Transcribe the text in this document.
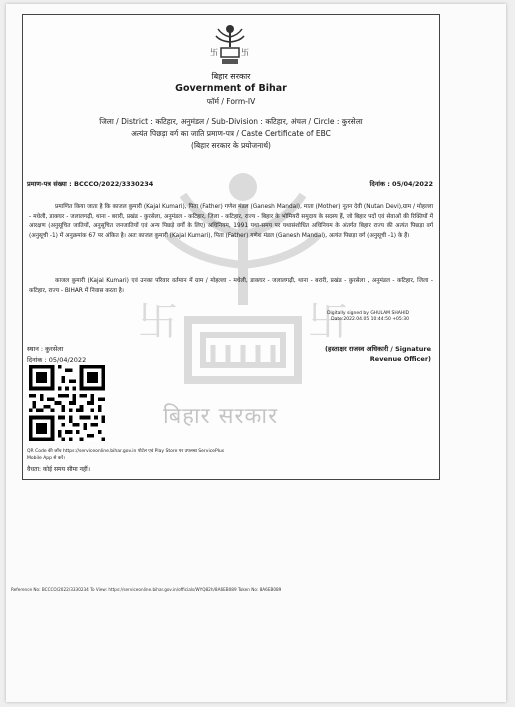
卐	卐
बिहार सरकार
卐	卐
बिहार सरकार
Government of Bihar
फॉर्म / Form-IV
जिला / District : कटिहार, अनुमंडल / Sub-Division : कटिहार, अंचल / Circle : कुरसेला
अत्यंत पिछड़ा वर्ग का जाति प्रमाण-पत्र / Caste Certificate of EBC
(बिहार सरकार के प्रयोजनार्थ)
प्रमाण-पत्र संख्या : BCCCO/2022/3330234	दिनांक : 05/04/2022
प्रमाणित किया जाता है कि काजल कुमारी (Kajal Kumari), पिता (Father) गणेश मंडल (Ganesh Mandal), माता (Mother) नूतन देवी (Nutan Devi),ग्राम / मोहल्ला - मधेली, डाकघर - जलालगढ़ी, थाना - बरारी, प्रखंड - कुरसेला, अनुमंडल - कटिहार, जिला - कटिहार, राज्य - बिहार के भोमियरी समुदाय के सदस्य हैं, जो बिहार पदों एवं सेवाओं की रिक्तियों में आरक्षण (अनुसूचित जातियों, अनुसूचित जनजातियों एवं अन्य पिछड़े वर्गों के लिए) अधिनियम, 1991 यथा-समय पर यथासंशोधित अधिनियम के अंतर्गत बिहार राज्य की अत्यंत पिछड़ा वर्ग (अनुसूची -1) में अनुक्रमांक 67 पर अंकित है। अतः काजल कुमारी (Kajal Kumari), पिता (Father) गणेश मंडल (Ganesh Mandal), अत्यंत पिछड़ा वर्ग (अनुसूची -1) के हैं।
काजल कुमारी (Kajal Kumari) एवं उनका परिवार वर्तमान में ग्राम / मोहल्ला - मधेली, डाकघर - जलालगढ़ी, थाना - बरारी, प्रखंड - कुरसेला , अनुमंडल - कटिहार, जिला - कटिहार, राज्य - BIHAR में निवास करता है।
Digitally signed by GHULAM SHAHID
Date:2022.04.05 10:44:50 +05:30
स्थान : कुरसेला
दिनांक : 05/04/2022
(हस्ताक्षर राजस्व अधिकारी / Signature
Revenue Officer)
QR Code की जाँच https://serviceonline.bihar.gov.in पोर्टल एवं Play Store पर उपलब्ध ServicePlus
Mobile App से करें।
वैधता: कोई समय सीमा नहीं।
Reference No: BCCCO/2022/3330234 To View: https://serviceonline.bihar.gov.in/officials/WYQ82h/8A6EB089 Token No: 8A6EB089
